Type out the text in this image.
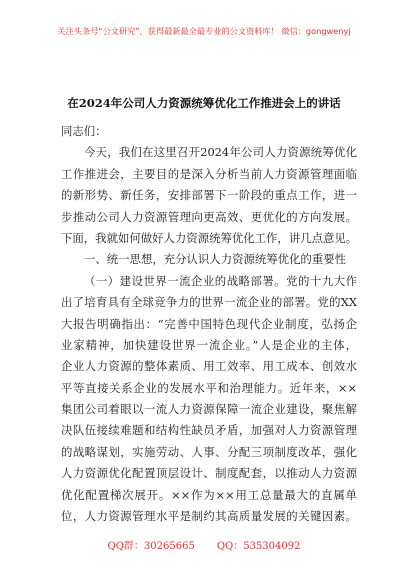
关注头条号“公文研究”，获得最新最全最专业的公文资料库！ 微信：gongwenyj
在2024年公司人力资源统筹优化工作推进会上的讲话
同志们：
今天，我们在这里召开2024年公司人力资源统筹优化
工作推进会，主要目的是深入分析当前人力资源管理面临
的新形势、新任务，安排部署下一阶段的重点工作，进一
步推动公司人力资源管理向更高效、更优化的方向发展。
下面，我就如何做好人力资源统筹优化工作，讲几点意见。
一、统一思想，充分认识人力资源统筹优化的重要性
（一）建设世界一流企业的战略部署。党的十九大作
出了培育具有全球竞争力的世界一流企业的部署。党的XX
大报告明确指出：“完善中国特色现代企业制度，弘扬企
业家精神，加快建设世界一流企业。”人是企业的主体，
企业人力资源的整体素质、用工效率、用工成本、创效水
平等直接关系企业的发展水平和治理能力。近年来，××
集团公司着眼以一流人力资源保障一流企业建设，聚焦解
决队伍接续难题和结构性缺员矛盾，加强对人力资源管理
的战略谋划，实施劳动、人事、分配三项制度改革，强化
人力资源优化配置顶层设计、制度配套，以推动人力资源
优化配置梯次展开。××作为××用工总量最大的直属单
位，人力资源管理水平是制约其高质量发展的关键因素。
QQ群：30265665 QQ：535304092
